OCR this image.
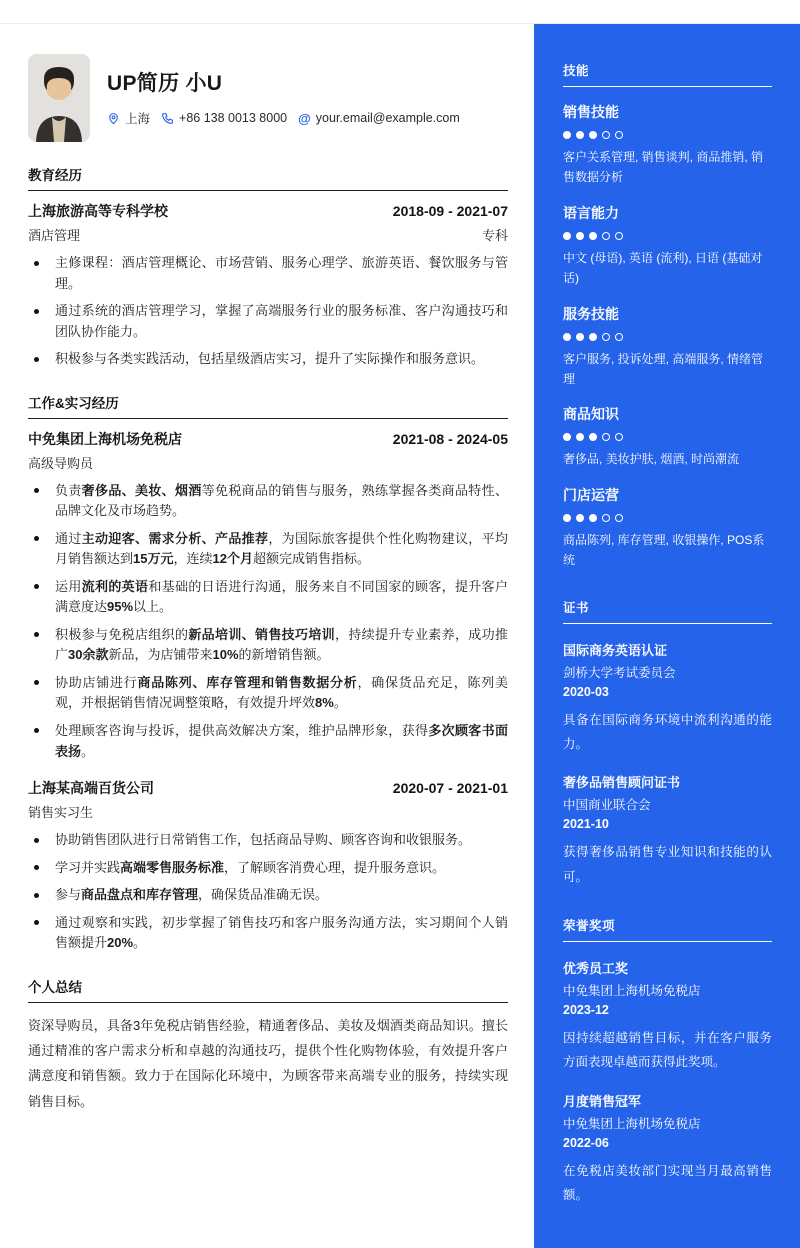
UP简历 小U
上海 +86 138 0013 8000 @ your.email@example.com
教育经历
上海旅游高等专科学校	2018-09 - 2021-07
酒店管理	专科
主修课程：酒店管理概论、市场营销、服务心理学、旅游英语、餐饮服务与管理。
通过系统的酒店管理学习，掌握了高端服务行业的服务标准、客户沟通技巧和团队协作能力。
积极参与各类实践活动，包括星级酒店实习，提升了实际操作和服务意识。
工作&实习经历
中免集团上海机场免税店	2021-08 - 2024-05
高级导购员
负责奢侈品、美妆、烟酒等免税商品的销售与服务，熟练掌握各类商品特性、品牌文化及市场趋势。
通过主动迎客、需求分析、产品推荐，为国际旅客提供个性化购物建议，平均月销售额达到15万元，连续12个月超额完成销售指标。
运用流利的英语和基础的日语进行沟通，服务来自不同国家的顾客，提升客户满意度达95%以上。
积极参与免税店组织的新品培训、销售技巧培训，持续提升专业素养，成功推广30余款新品，为店铺带来10%的新增销售额。
协助店铺进行商品陈列、库存管理和销售数据分析，确保货品充足，陈列美观，并根据销售情况调整策略，有效提升坪效8%。
处理顾客咨询与投诉，提供高效解决方案，维护品牌形象，获得多次顾客书面表扬。
上海某高端百货公司	2020-07 - 2021-01
销售实习生
协助销售团队进行日常销售工作，包括商品导购、顾客咨询和收银服务。
学习并实践高端零售服务标准，了解顾客消费心理，提升服务意识。
参与商品盘点和库存管理，确保货品准确无误。
通过观察和实践，初步掌握了销售技巧和客户服务沟通方法，实习期间个人销售额提升20%。
个人总结

资深导购员，具备3年免税店销售经验，精通奢侈品、美妆及烟酒类商品知识。擅长通过精准的客户需求分析和卓越的沟通技巧，提供个性化购物体验，有效提升客户满意度和销售额。致力于在国际化环境中，为顾客带来高端专业的服务，持续实现销售目标。

技能
销售技能

客户关系管理, 销售谈判, 商品推销, 销售数据分析

语言能力

中文 (母语), 英语 (流利), 日语 (基础对话)

服务技能

客户服务, 投诉处理, 高端服务, 情绪管理

商品知识

奢侈品, 美妆护肤, 烟酒, 时尚潮流

门店运营

商品陈列, 库存管理, 收银操作, POS系统

证书
国际商务英语认证
剑桥大学考试委员会
2020-03
具备在国际商务环境中流利沟通的能力。
奢侈品销售顾问证书
中国商业联合会
2021-10
获得奢侈品销售专业知识和技能的认可。
荣誉奖项
优秀员工奖
中免集团上海机场免税店
2023-12
因持续超越销售目标，并在客户服务方面表现卓越而获得此奖项。
月度销售冠军
中免集团上海机场免税店
2022-06
在免税店美妆部门实现当月最高销售额。
